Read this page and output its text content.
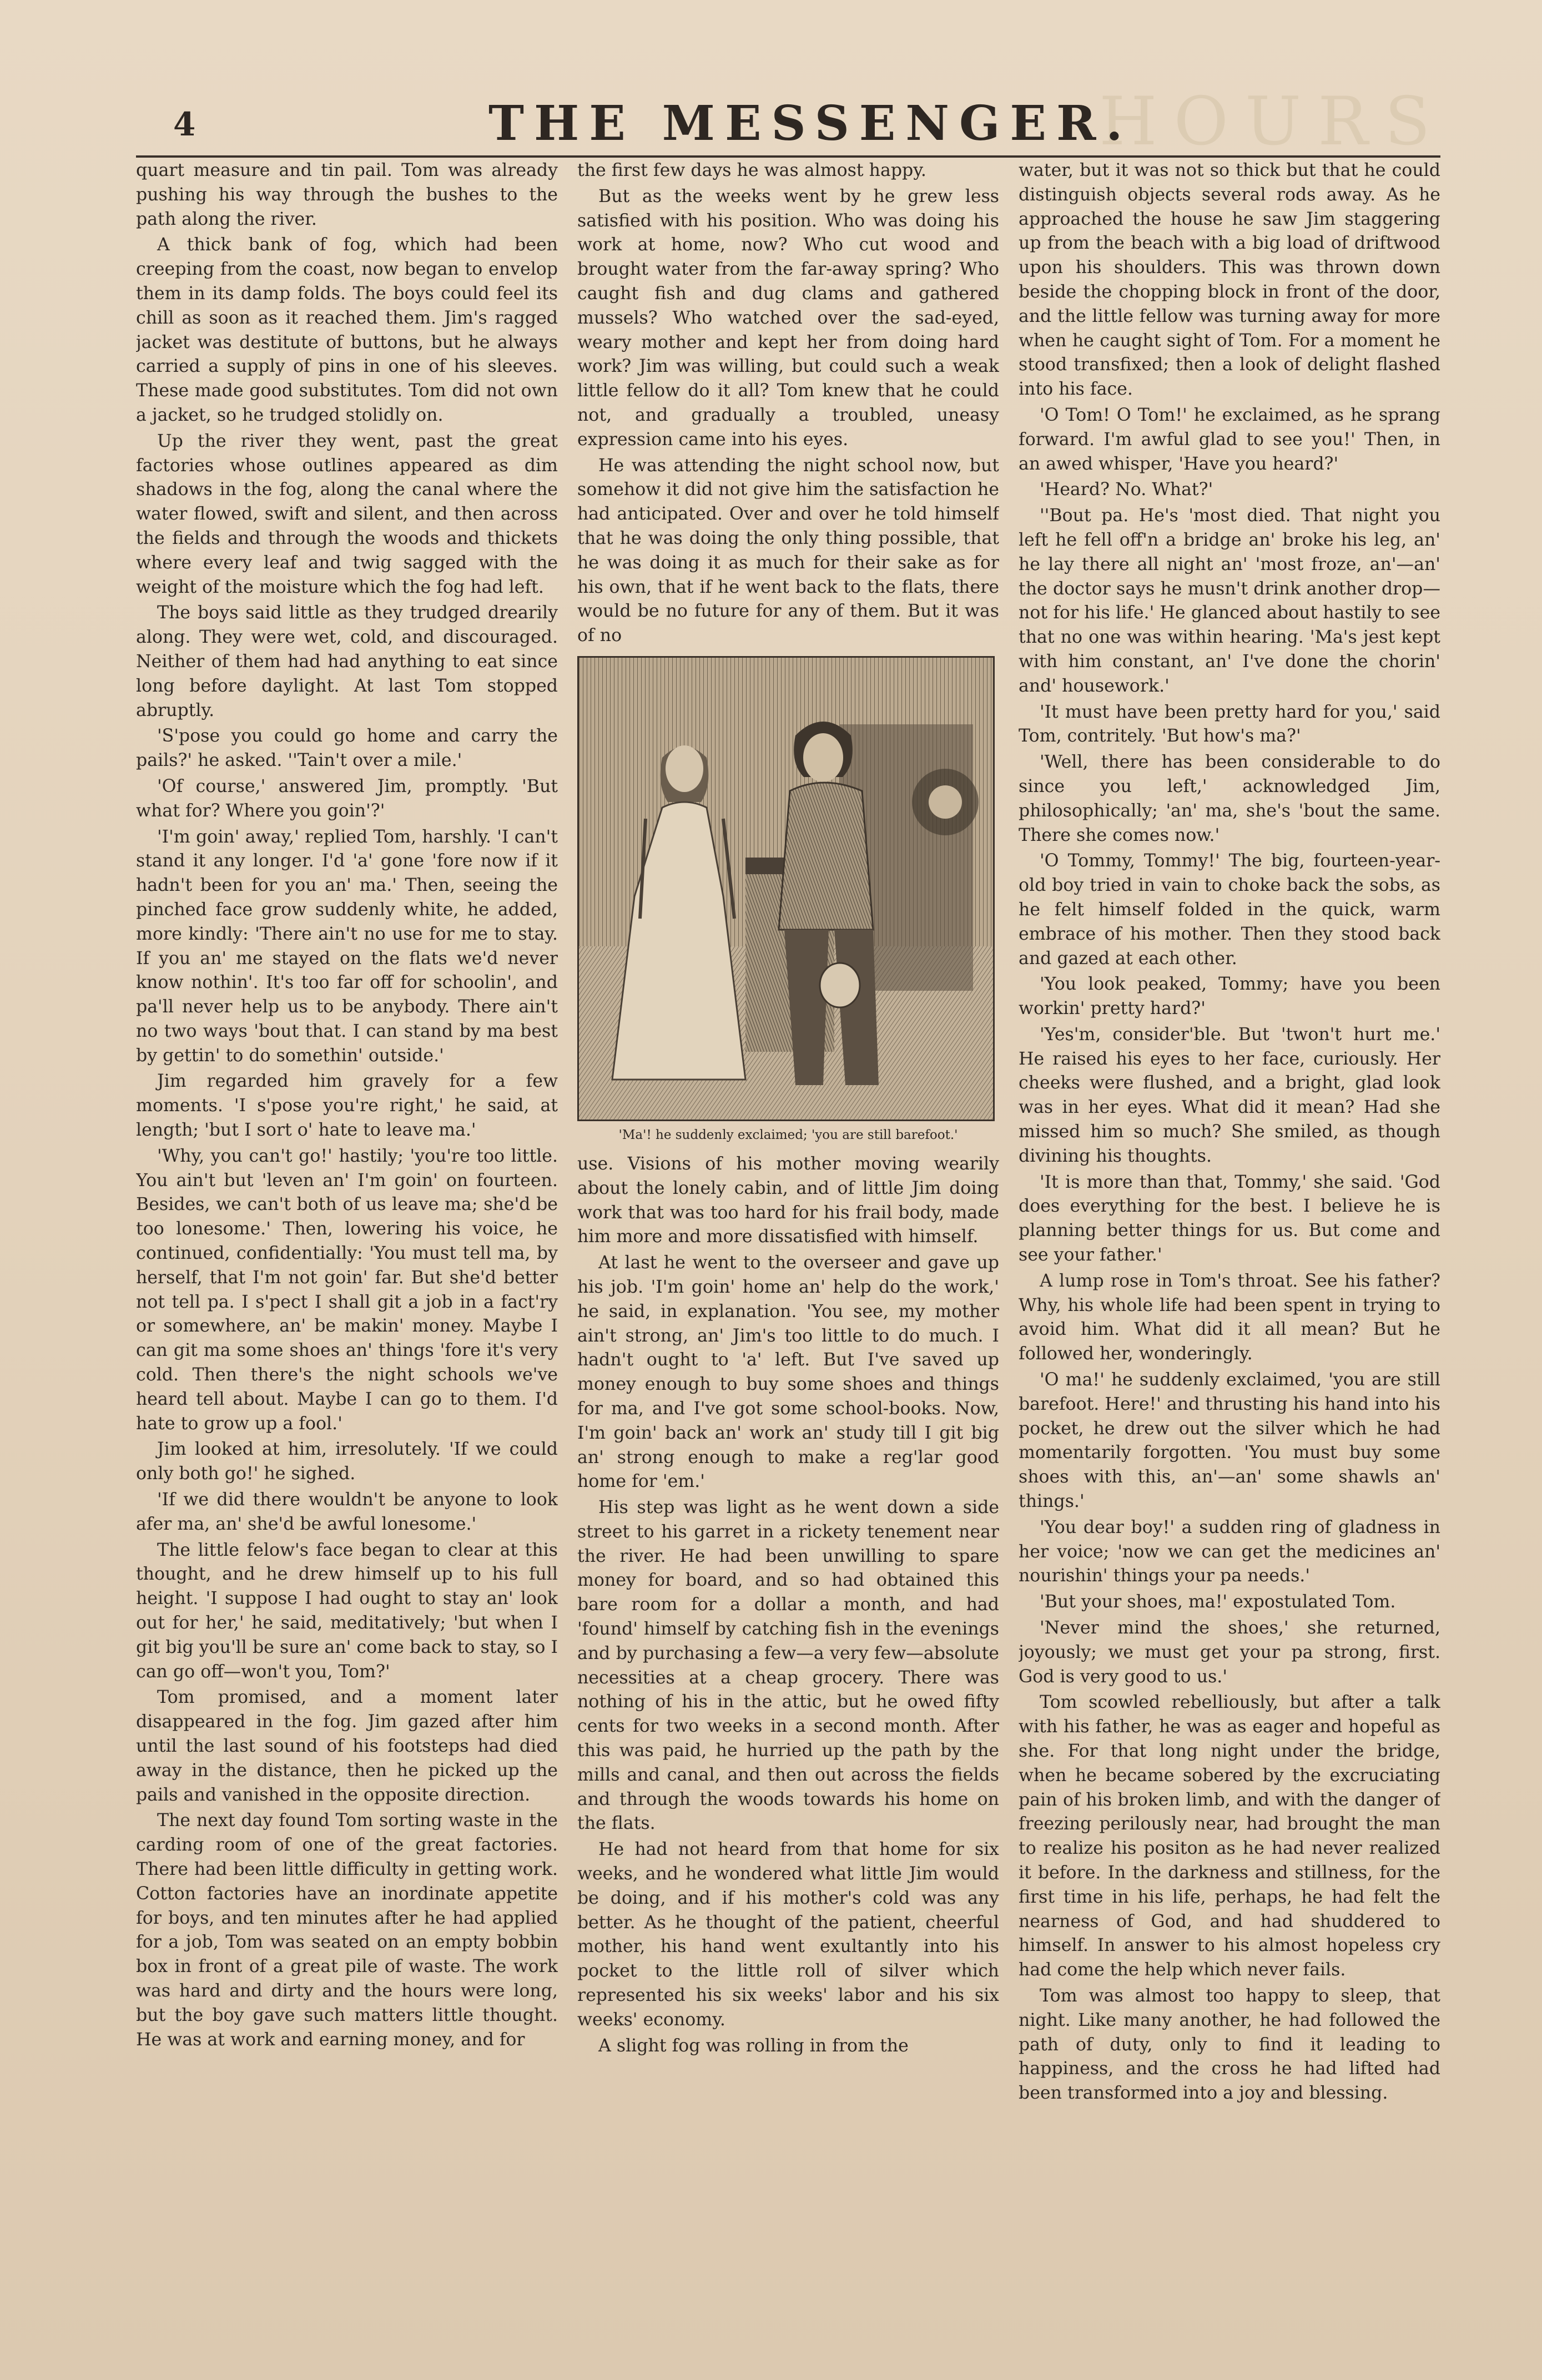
HOURS
4	THE MESSENGER.

quart measure and tin pail. Tom was already pushing his way through the bushes to the path along the river.

A thick bank of fog, which had been creeping from the coast, now began to envelop them in its damp folds. The boys could feel its chill as soon as it reached them. Jim's ragged jacket was destitute of buttons, but he always carried a supply of pins in one of his sleeves. These made good substitutes. Tom did not own a jacket, so he trudged stolidly on.

Up the river they went, past the great factories whose outlines appeared as dim shadows in the fog, along the canal where the water flowed, swift and silent, and then across the fields and through the woods and thickets where every leaf and twig sagged with the weight of the moisture which the fog had left.

The boys said little as they trudged drearily along. They were wet, cold, and discouraged. Neither of them had had anything to eat since long before daylight. At last Tom stopped abruptly.

'S'pose you could go home and carry the pails?' he asked. ''Tain't over a mile.'

'Of course,' answered Jim, promptly. 'But what for? Where you goin'?'

'I'm goin' away,' replied Tom, harshly. 'I can't stand it any longer. I'd 'a' gone 'fore now if it hadn't been for you an' ma.' Then, seeing the pinched face grow suddenly white, he added, more kindly: 'There ain't no use for me to stay. If you an' me stayed on the flats we'd never know nothin'. It's too far off for schoolin', and pa'll never help us to be anybody. There ain't no two ways 'bout that. I can stand by ma best by gettin' to do somethin' outside.'

Jim regarded him gravely for a few moments. 'I s'pose you're right,' he said, at length; 'but I sort o' hate to leave ma.'

'Why, you can't go!' hastily; 'you're too little. You ain't but 'leven an' I'm goin' on fourteen. Besides, we can't both of us leave ma; she'd be too lonesome.' Then, lowering his voice, he continued, confidentially: 'You must tell ma, by herself, that I'm not goin' far. But she'd better not tell pa. I s'pect I shall git a job in a fact'ry or somewhere, an' be makin' money. Maybe I can git ma some shoes an' things 'fore it's very cold. Then there's the night schools we've heard tell about. Maybe I can go to them. I'd hate to grow up a fool.'

Jim looked at him, irresolutely. 'If we could only both go!' he sighed.

'If we did there wouldn't be anyone to look afer ma, an' she'd be awful lonesome.'

The little felow's face began to clear at this thought, and he drew himself up to his full height. 'I suppose I had ought to stay an' look out for her,' he said, meditatively; 'but when I git big you'll be sure an' come back to stay, so I can go off—won't you, Tom?'

Tom promised, and a moment later disappeared in the fog. Jim gazed after him until the last sound of his footsteps had died away in the distance, then he picked up the pails and vanished in the opposite direction.

The next day found Tom sorting waste in the carding room of one of the great factories. There had been little difficulty in getting work. Cotton factories have an inordinate appetite for boys, and ten minutes after he had applied for a job, Tom was seated on an empty bobbin box in front of a great pile of waste. The work was hard and dirty and the hours were long, but the boy gave such matters little thought. He was at work and earning money, and for

the first few days he was almost happy.

But as the weeks went by he grew less satisfied with his position. Who was doing his work at home, now? Who cut wood and brought water from the far-away spring? Who caught fish and dug clams and gathered mussels? Who watched over the sad-eyed, weary mother and kept her from doing hard work? Jim was willing, but could such a weak little fellow do it all? Tom knew that he could not, and gradually a troubled, uneasy expression came into his eyes.

He was attending the night school now, but somehow it did not give him the satisfaction he had anticipated. Over and over he told himself that he was doing the only thing possible, that he was doing it as much for their sake as for his own, that if he went back to the flats, there would be no future for any of them. But it was of no

'Ma'! he suddenly exclaimed; 'you are still barefoot.'

use. Visions of his mother moving wearily about the lonely cabin, and of little Jim doing work that was too hard for his frail body, made him more and more dissatisfied with himself.

At last he went to the overseer and gave up his job. 'I'm goin' home an' help do the work,' he said, in explanation. 'You see, my mother ain't strong, an' Jim's too little to do much. I hadn't ought to 'a' left. But I've saved up money enough to buy some shoes and things for ma, and I've got some school-books. Now, I'm goin' back an' work an' study till I git big an' strong enough to make a reg'lar good home for 'em.'

His step was light as he went down a side street to his garret in a rickety tenement near the river. He had been unwilling to spare money for board, and so had obtained this bare room for a dollar a month, and had 'found' himself by catching fish in the evenings and by purchasing a few—a very few—absolute necessities at a cheap grocery. There was nothing of his in the attic, but he owed fifty cents for two weeks in a second month. After this was paid, he hurried up the path by the mills and canal, and then out across the fields and through the woods towards his home on the flats.

He had not heard from that home for six weeks, and he wondered what little Jim would be doing, and if his mother's cold was any better. As he thought of the patient, cheerful mother, his hand went exultantly into his pocket to the little roll of silver which represented his six weeks' labor and his six weeks' economy.

A slight fog was rolling in from the

water, but it was not so thick but that he could distinguish objects several rods away. As he approached the house he saw Jim staggering up from the beach with a big load of driftwood upon his shoulders. This was thrown down beside the chopping block in front of the door, and the little fellow was turning away for more when he caught sight of Tom. For a moment he stood transfixed; then a look of delight flashed into his face.

'O Tom! O Tom!' he exclaimed, as he sprang forward. I'm awful glad to see you!' Then, in an awed whisper, 'Have you heard?'

'Heard? No. What?'

''Bout pa. He's 'most died. That night you left he fell off'n a bridge an' broke his leg, an' he lay there all night an' 'most froze, an'—an' the doctor says he musn't drink another drop—not for his life.' He glanced about hastily to see that no one was within hearing. 'Ma's jest kept with him constant, an' I've done the chorin' and' housework.'

'It must have been pretty hard for you,' said Tom, contritely. 'But how's ma?'

'Well, there has been considerable to do since you left,' acknowledged Jim, philosophically; 'an' ma, she's 'bout the same. There she comes now.'

'O Tommy, Tommy!' The big, fourteen-year-old boy tried in vain to choke back the sobs, as he felt himself folded in the quick, warm embrace of his mother. Then they stood back and gazed at each other.

'You look peaked, Tommy; have you been workin' pretty hard?'

'Yes'm, consider'ble. But 'twon't hurt me.' He raised his eyes to her face, curiously. Her cheeks were flushed, and a bright, glad look was in her eyes. What did it mean? Had she missed him so much? She smiled, as though divining his thoughts.

'It is more than that, Tommy,' she said. 'God does everything for the best. I believe he is planning better things for us. But come and see your father.'

A lump rose in Tom's throat. See his father? Why, his whole life had been spent in trying to avoid him. What did it all mean? But he followed her, wonderingly.

'O ma!' he suddenly exclaimed, 'you are still barefoot. Here!' and thrusting his hand into his pocket, he drew out the silver which he had momentarily forgotten. 'You must buy some shoes with this, an'—an' some shawls an' things.'

'You dear boy!' a sudden ring of gladness in her voice; 'now we can get the medicines an' nourishin' things your pa needs.'

'But your shoes, ma!' expostulated Tom.

'Never mind the shoes,' she returned, joyously; we must get your pa strong, first. God is very good to us.'

Tom scowled rebelliously, but after a talk with his father, he was as eager and hopeful as she. For that long night under the bridge, when he became sobered by the excruciating pain of his broken limb, and with the danger of freezing perilously near, had brought the man to realize his positon as he had never realized it before. In the darkness and stillness, for the first time in his life, perhaps, he had felt the nearness of God, and had shuddered to himself. In answer to his almost hopeless cry had come the help which never fails.

Tom was almost too happy to sleep, that night. Like many another, he had followed the path of duty, only to find it leading to happiness, and the cross he had lifted had been transformed into a joy and blessing.
